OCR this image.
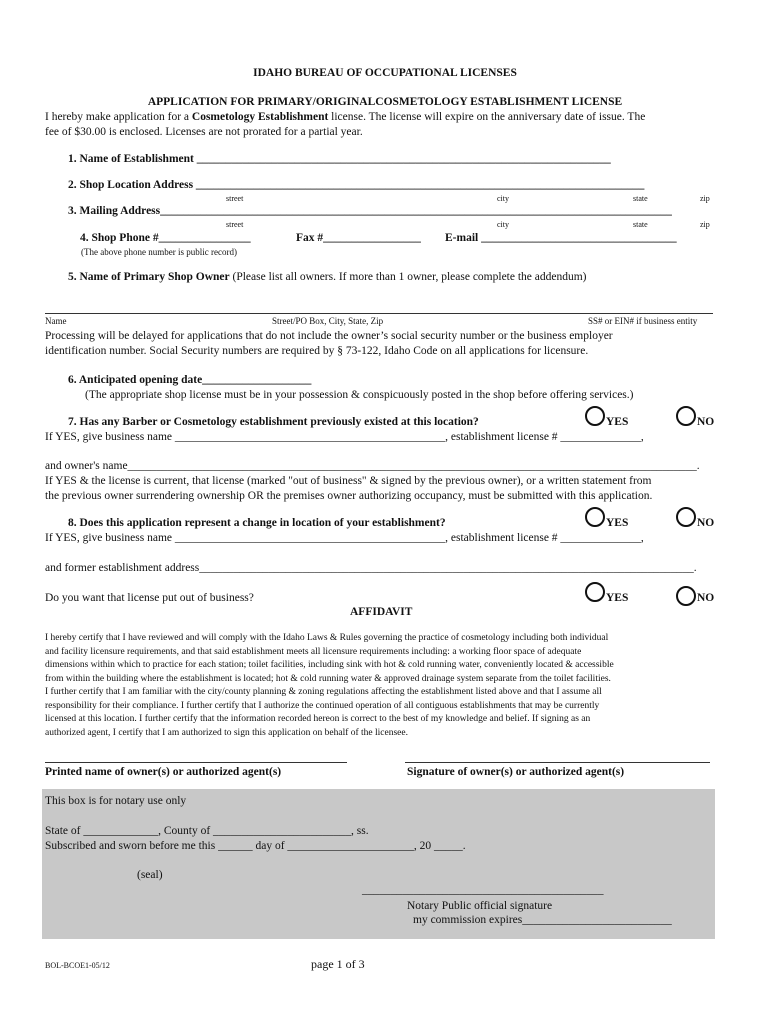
IDAHO BUREAU OF OCCUPATIONAL LICENSES
APPLICATION FOR PRIMARY/ORIGINALCOSMETOLOGY ESTABLISHMENT LICENSE
I hereby make application for a Cosmetology Establishment license. The license will expire on the anniversary date of issue. The
fee of $30.00 is enclosed. Licenses are not prorated for a partial year.
1. Name of Establishment ________________________________________________________________________
2. Shop Location Address ______________________________________________________________________________
street	city	state	zip
3. Mailing Address_________________________________________________________________________________________
street	city	state	zip
4. Shop Phone #________________	Fax #_________________ E-mail __________________________________
(The above phone number is public record)
5. Name of Primary Shop Owner (Please list all owners. If more than 1 owner, please complete the addendum)
Name	Street/PO Box, City, State, Zip	SS# or EIN# if business entity
Processing will be delayed for applications that do not include the owner’s social security number or the business employer
identification number. Social Security numbers are required by § 73-122, Idaho Code on all applications for licensure.
6. Anticipated opening date___________________
(The appropriate shop license must be in your possession & conspicuously posted in the shop before offering services.)
7. Has any Barber or Cosmetology establishment previously existed at this location?	YES	NO
If YES, give business name _______________________________________________, establishment license # ______________,
and owner's name___________________________________________________________________________________________________.
If YES & the license is current, that license (marked "out of business" & signed by the previous owner), or a written statement from
the previous owner surrendering ownership OR the premises owner authorizing occupancy, must be submitted with this application.
8. Does this application represent a change in location of your establishment?	YES	NO
If YES, give business name _______________________________________________, establishment license # ______________,
and former establishment address______________________________________________________________________________________.
Do you want that license put out of business?	YES	NO
AFFIDAVIT

I hereby certify that I have reviewed and will comply with the Idaho Laws & Rules governing the practice of cosmetology including both individual

and facility licensure requirements, and that said establishment meets all licensure requirements including: a working floor space of adequate

dimensions within which to practice for each station; toilet facilities, including sink with hot & cold running water, conveniently located & accessible

from within the building where the establishment is located; hot & cold running water & approved drainage system separate from the toilet facilities.

I further certify that I am familiar with the city/county planning & zoning regulations affecting the establishment listed above and that I assume all

responsibility for their compliance. I further certify that I authorize the continued operation of all contiguous establishments that may be currently

licensed at this location. I further certify that the information recorded hereon is correct to the best of my knowledge and belief. If signing as an

authorized agent, I certify that I am authorized to sign this application on behalf of the licensee.

Printed name of owner(s) or authorized agent(s)	Signature of owner(s) or authorized agent(s)
This box is for notary use only
State of _____________, County of ________________________, ss.
Subscribed and sworn before me this ______ day of ______________________, 20 _____.
(seal)
__________________________________________
Notary Public official signature
my commission expires__________________________
BOL-BCOE1-05/12	page 1 of 3
